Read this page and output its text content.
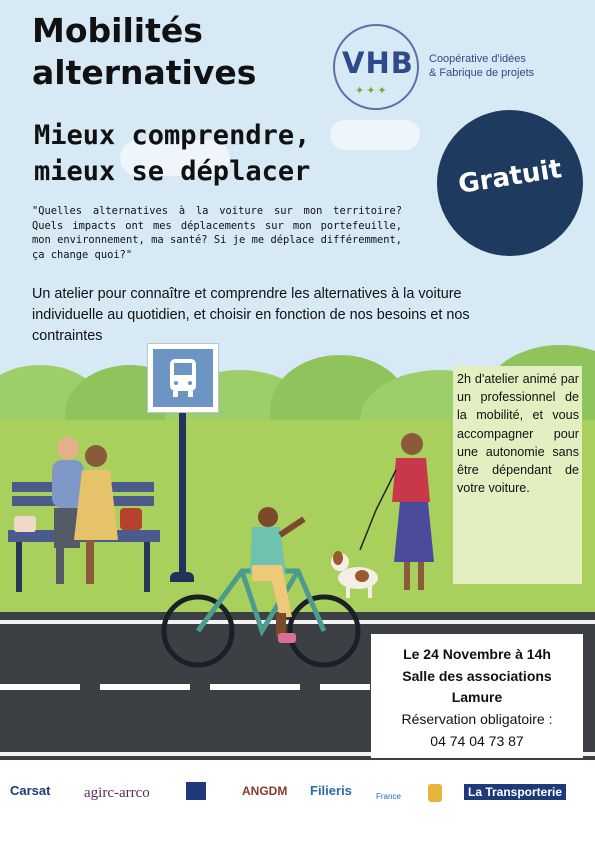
Mobilités
alternatives
Mieux comprendre,
mieux se déplacer

"Quelles alternatives à la voiture sur mon territoire? Quels impacts ont mes déplacements sur mon portefeuille, mon environnement, ma santé? Si je me déplace différemment, ça change quoi?"

Un atelier pour connaître et comprendre les alternatives à la voiture individuelle au quotidien, et choisir en fonction de nos besoins et nos contraintes

VHB
✦✦✦
Coopérative d'idées
& Fabrique de projets
Gratuit

2h d'atelier animé par un professionnel de la mobilité, et vous accompagner pour une autonomie sans être dépendant de votre voiture.

Le 24 Novembre à 14h
Salle des associations
Lamure
Réservation obligatoire :
04 74 04 73 87
Carsat agirc-arrco	ANGDM Filieris	France	La Transporterie
